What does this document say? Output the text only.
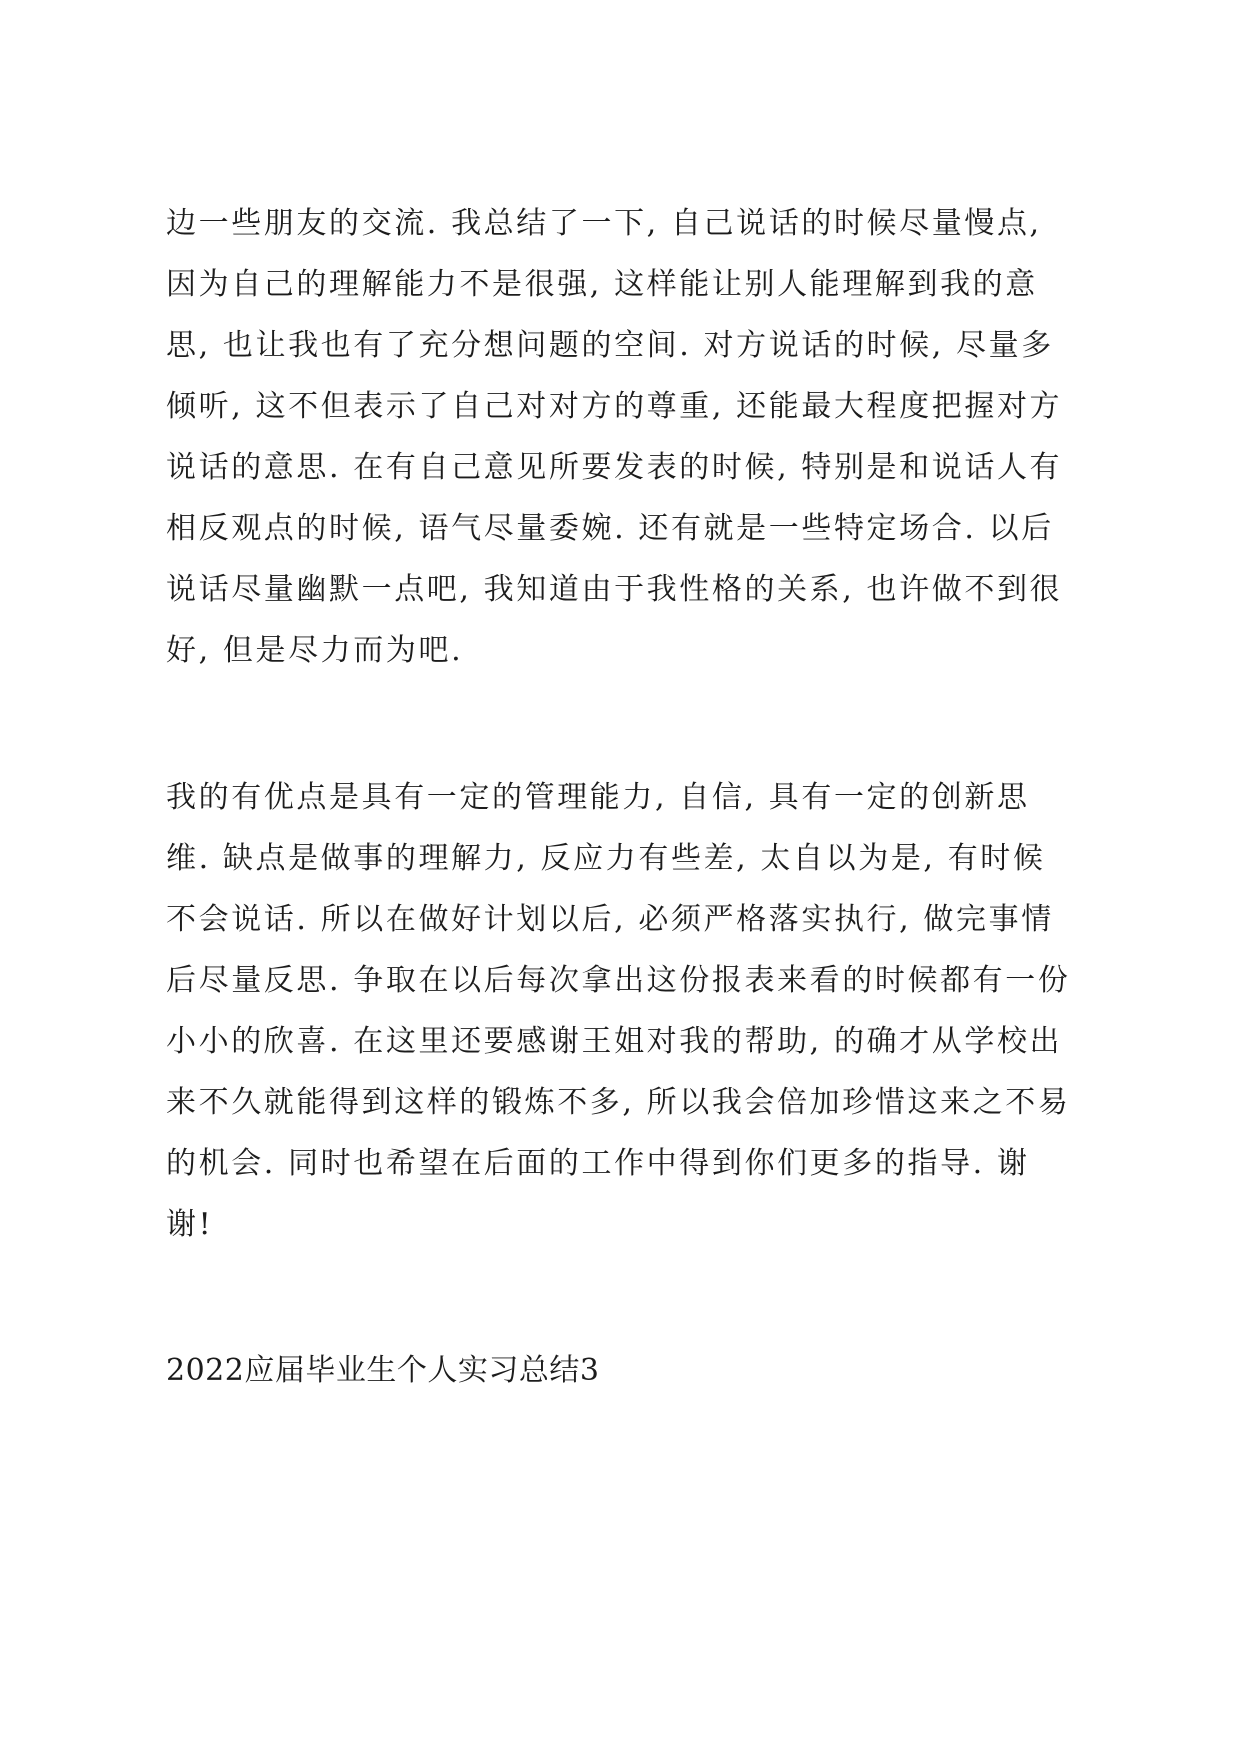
边一些朋友的交流. 我总结了一下, 自己说话的时候尽量慢点,

因为自己的理解能力不是很强, 这样能让别人能理解到我的意

思, 也让我也有了充分想问题的空间. 对方说话的时候, 尽量多

倾听, 这不但表示了自己对对方的尊重, 还能最大程度把握对方

说话的意思. 在有自己意见所要发表的时候, 特别是和说话人有

相反观点的时候, 语气尽量委婉. 还有就是一些特定场合. 以后

说话尽量幽默一点吧, 我知道由于我性格的关系, 也许做不到很

好, 但是尽力而为吧.

我的有优点是具有一定的管理能力, 自信, 具有一定的创新思

维. 缺点是做事的理解力, 反应力有些差, 太自以为是, 有时候

不会说话. 所以在做好计划以后, 必须严格落实执行, 做完事情

后尽量反思. 争取在以后每次拿出这份报表来看的时候都有一份

小小的欣喜. 在这里还要感谢王姐对我的帮助, 的确才从学校出

来不久就能得到这样的锻炼不多, 所以我会倍加珍惜这来之不易

的机会. 同时也希望在后面的工作中得到你们更多的指导. 谢

谢!

2022应届毕业生个人实习总结3
